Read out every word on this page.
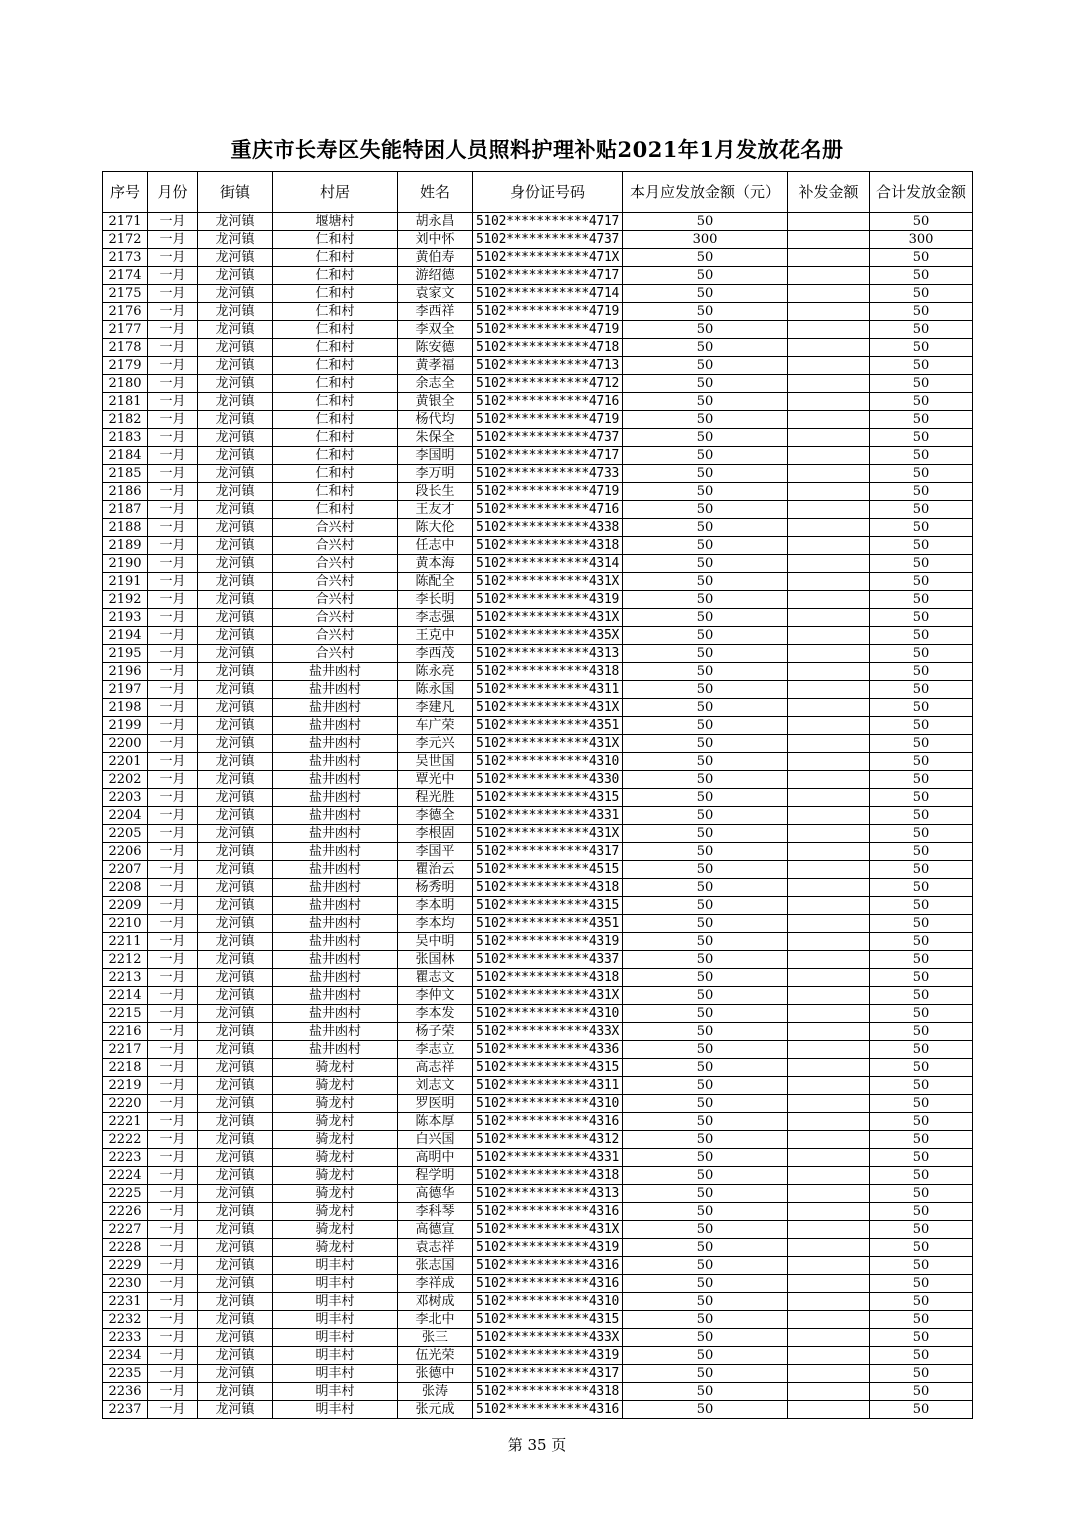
重庆市长寿区失能特困人员照料护理补贴2021年1月发放花名册
序号	月份	街镇	村居	姓名	身份证号码	本月应发放金额（元）	补发金额	合计发放金额
2171	一月	龙河镇	堰塘村	胡永昌	5102***********4717	50		50
2172	一月	龙河镇	仁和村	刘中怀	5102***********4737	300		300
2173	一月	龙河镇	仁和村	黄伯寿	5102***********471X	50		50
2174	一月	龙河镇	仁和村	游绍德	5102***********4717	50		50
2175	一月	龙河镇	仁和村	袁家文	5102***********4714	50		50
2176	一月	龙河镇	仁和村	李西祥	5102***********4719	50		50
2177	一月	龙河镇	仁和村	李双全	5102***********4719	50		50
2178	一月	龙河镇	仁和村	陈安德	5102***********4718	50		50
2179	一月	龙河镇	仁和村	黄孝福	5102***********4713	50		50
2180	一月	龙河镇	仁和村	余志全	5102***********4712	50		50
2181	一月	龙河镇	仁和村	黄银全	5102***********4716	50		50
2182	一月	龙河镇	仁和村	杨代均	5102***********4719	50		50
2183	一月	龙河镇	仁和村	朱保全	5102***********4737	50		50
2184	一月	龙河镇	仁和村	李国明	5102***********4717	50		50
2185	一月	龙河镇	仁和村	李万明	5102***********4733	50		50
2186	一月	龙河镇	仁和村	段长生	5102***********4719	50		50
2187	一月	龙河镇	仁和村	王友才	5102***********4716	50		50
2188	一月	龙河镇	合兴村	陈大伦	5102***********4338	50		50
2189	一月	龙河镇	合兴村	任志中	5102***********4318	50		50
2190	一月	龙河镇	合兴村	黄本海	5102***********4314	50		50
2191	一月	龙河镇	合兴村	陈配全	5102***********431X	50		50
2192	一月	龙河镇	合兴村	李长明	5102***********4319	50		50
2193	一月	龙河镇	合兴村	李志强	5102***********431X	50		50
2194	一月	龙河镇	合兴村	王克中	5102***********435X	50		50
2195	一月	龙河镇	合兴村	李西茂	5102***********4313	50		50
2196	一月	龙河镇	盐井凼村	陈永亮	5102***********4318	50		50
2197	一月	龙河镇	盐井凼村	陈永国	5102***********4311	50		50
2198	一月	龙河镇	盐井凼村	李建凡	5102***********431X	50		50
2199	一月	龙河镇	盐井凼村	车广荣	5102***********4351	50		50
2200	一月	龙河镇	盐井凼村	李元兴	5102***********431X	50		50
2201	一月	龙河镇	盐井凼村	吴世国	5102***********4310	50		50
2202	一月	龙河镇	盐井凼村	覃光中	5102***********4330	50		50
2203	一月	龙河镇	盐井凼村	程光胜	5102***********4315	50		50
2204	一月	龙河镇	盐井凼村	李德全	5102***********4331	50		50
2205	一月	龙河镇	盐井凼村	李根固	5102***********431X	50		50
2206	一月	龙河镇	盐井凼村	李国平	5102***********4317	50		50
2207	一月	龙河镇	盐井凼村	瞿治云	5102***********4515	50		50
2208	一月	龙河镇	盐井凼村	杨秀明	5102***********4318	50		50
2209	一月	龙河镇	盐井凼村	李本明	5102***********4315	50		50
2210	一月	龙河镇	盐井凼村	李本均	5102***********4351	50		50
2211	一月	龙河镇	盐井凼村	吴中明	5102***********4319	50		50
2212	一月	龙河镇	盐井凼村	张国林	5102***********4337	50		50
2213	一月	龙河镇	盐井凼村	瞿志文	5102***********4318	50		50
2214	一月	龙河镇	盐井凼村	李仲文	5102***********431X	50		50
2215	一月	龙河镇	盐井凼村	李本发	5102***********4310	50		50
2216	一月	龙河镇	盐井凼村	杨子荣	5102***********433X	50		50
2217	一月	龙河镇	盐井凼村	李志立	5102***********4336	50		50
2218	一月	龙河镇	骑龙村	高志祥	5102***********4315	50		50
2219	一月	龙河镇	骑龙村	刘志文	5102***********4311	50		50
2220	一月	龙河镇	骑龙村	罗医明	5102***********4310	50		50
2221	一月	龙河镇	骑龙村	陈本厚	5102***********4316	50		50
2222	一月	龙河镇	骑龙村	白兴国	5102***********4312	50		50
2223	一月	龙河镇	骑龙村	高明中	5102***********4331	50		50
2224	一月	龙河镇	骑龙村	程学明	5102***********4318	50		50
2225	一月	龙河镇	骑龙村	高德华	5102***********4313	50		50
2226	一月	龙河镇	骑龙村	李科琴	5102***********4316	50		50
2227	一月	龙河镇	骑龙村	高德宣	5102***********431X	50		50
2228	一月	龙河镇	骑龙村	袁志祥	5102***********4319	50		50
2229	一月	龙河镇	明丰村	张志国	5102***********4316	50		50
2230	一月	龙河镇	明丰村	李祥成	5102***********4316	50		50
2231	一月	龙河镇	明丰村	邓树成	5102***********4310	50		50
2232	一月	龙河镇	明丰村	李北中	5102***********4315	50		50
2233	一月	龙河镇	明丰村	张三	5102***********433X	50		50
2234	一月	龙河镇	明丰村	伍光荣	5102***********4319	50		50
2235	一月	龙河镇	明丰村	张德中	5102***********4317	50		50
2236	一月	龙河镇	明丰村	张涛	5102***********4318	50		50
2237	一月	龙河镇	明丰村	张元成	5102***********4316	50		50
第 35 页
